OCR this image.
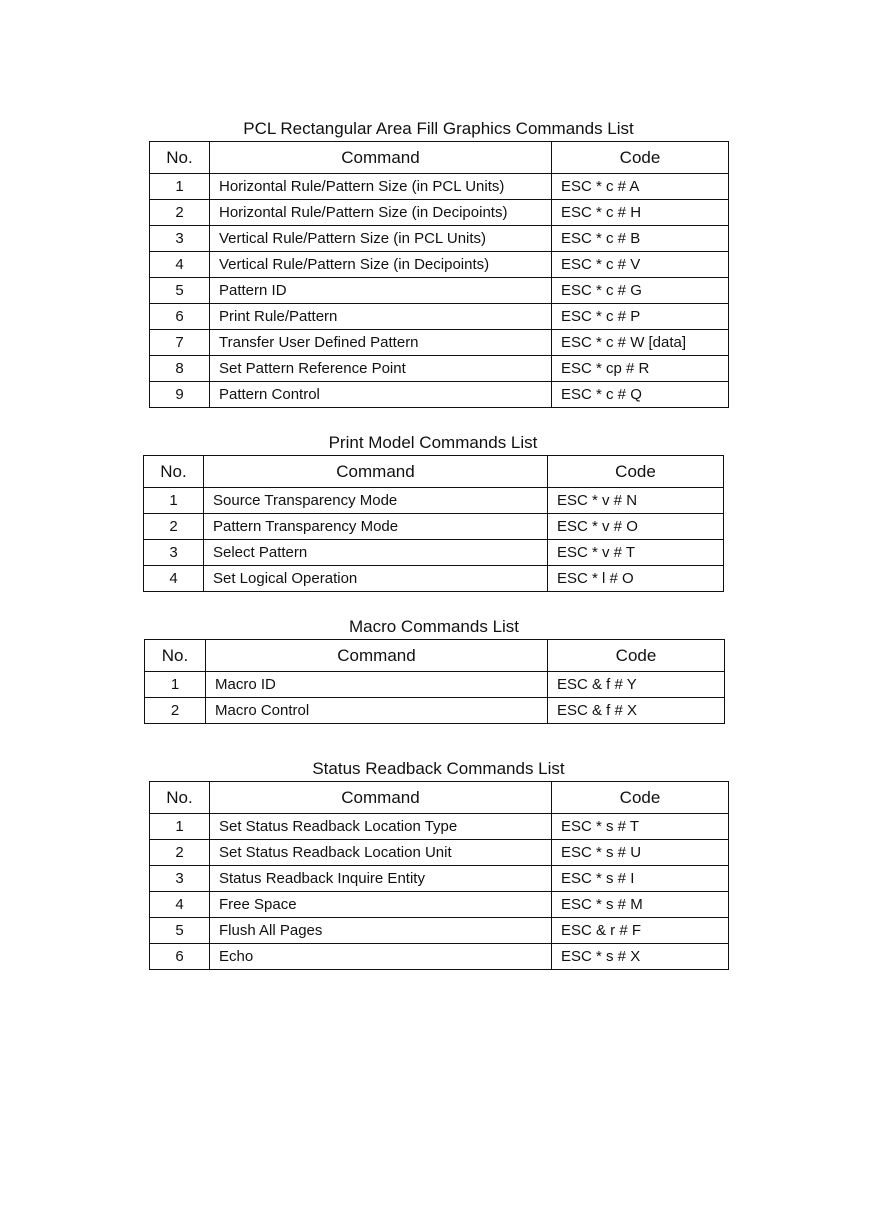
PCL Rectangular Area Fill Graphics Commands List
No.	Command	Code
1	Horizontal Rule/Pattern Size (in PCL Units)	ESC * c # A
2	Horizontal Rule/Pattern Size (in Decipoints)	ESC * c # H
3	Vertical Rule/Pattern Size (in PCL Units)	ESC * c # B
4	Vertical Rule/Pattern Size (in Decipoints)	ESC * c # V
5	Pattern ID	ESC * c # G
6	Print Rule/Pattern	ESC * c # P
7	Transfer User Defined Pattern	ESC * c # W [data]
8	Set Pattern Reference Point	ESC * cp # R
9	Pattern Control	ESC * c # Q
Print Model Commands List
No.	Command	Code
1	Source Transparency Mode	ESC * v # N
2	Pattern Transparency Mode	ESC * v # O
3	Select Pattern	ESC * v # T
4	Set Logical Operation	ESC * l # O
Macro Commands List
No.	Command	Code
1	Macro ID	ESC & f # Y
2	Macro Control	ESC & f # X
Status Readback Commands List
No.	Command	Code
1	Set Status Readback Location Type	ESC * s # T
2	Set Status Readback Location Unit	ESC * s # U
3	Status Readback Inquire Entity	ESC * s # I
4	Free Space	ESC * s # M
5	Flush All Pages	ESC & r # F
6	Echo	ESC * s # X
